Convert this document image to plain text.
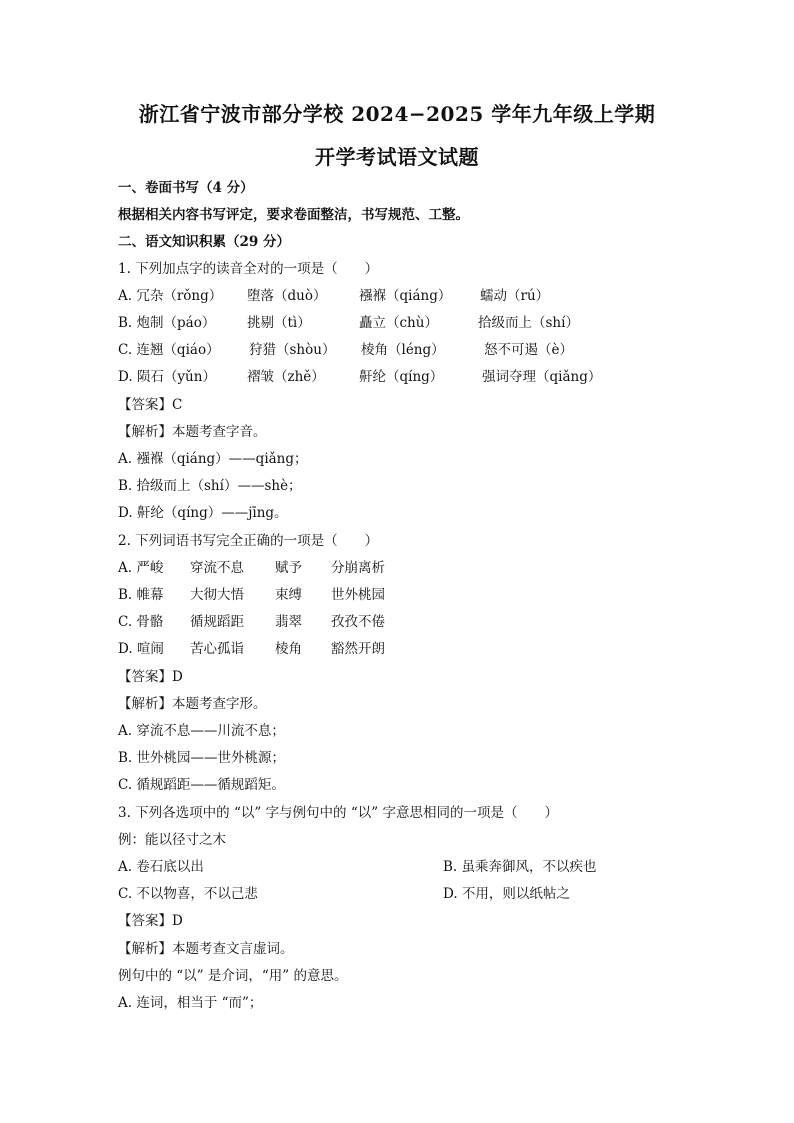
浙江省宁波市部分学校 2024−2025 学年九年级上学期
开学考试语文试题
一、卷面书写（4 分）
根据相关内容书写评定，要求卷面整洁，书写规范、工整。
二、语文知识积累（29 分）
1. 下列加点字的读音全对的一项是（　　）
A. 冗杂（rǒng） 堕落（duò） 襁褓（qiáng） 蠕动（rú）
B. 炮制（páo） 挑剔（tì）	矗立（chù）	拾级而上（shí）
C. 连翘（qiáo） 狩猎（shòu） 棱角（léng）	怒不可遏（è）
D. 陨石（yǔn） 褶皱（zhě）	鼾纶（qíng）	强词夺理（qiǎng）
【答案】C
【解析】本题考查字音。
A. 襁褓（qiáng）——qiǎng；
B. 拾级而上（shí）——shè；
D. 鼾纶（qíng）——jīng。
2. 下列词语书写完全正确的一项是（　　）
A. 严峻 穿流不息 赋予 分崩离析
B. 帷幕 大彻大悟 束缚 世外桃园
C. 骨骼 循规蹈距 翡翠 孜孜不倦
D. 喧闹 苦心孤诣 棱角 豁然开朗
【答案】D
【解析】本题考查字形。
A. 穿流不息——川流不息；
B. 世外桃园——世外桃源；
C. 循规蹈距——循规蹈矩。
3. 下列各选项中的 “以” 字与例句中的 “以” 字意思相同的一项是（　　）
例：能以径寸之木
A. 卷石底以出	B. 虽乘奔御风，不以疾也
C. 不以物喜，不以己悲	D. 不用，则以纸帖之
【答案】D
【解析】本题考查文言虚词。
例句中的 “以” 是介词，“用” 的意思。
A. 连词，相当于 “而”；
